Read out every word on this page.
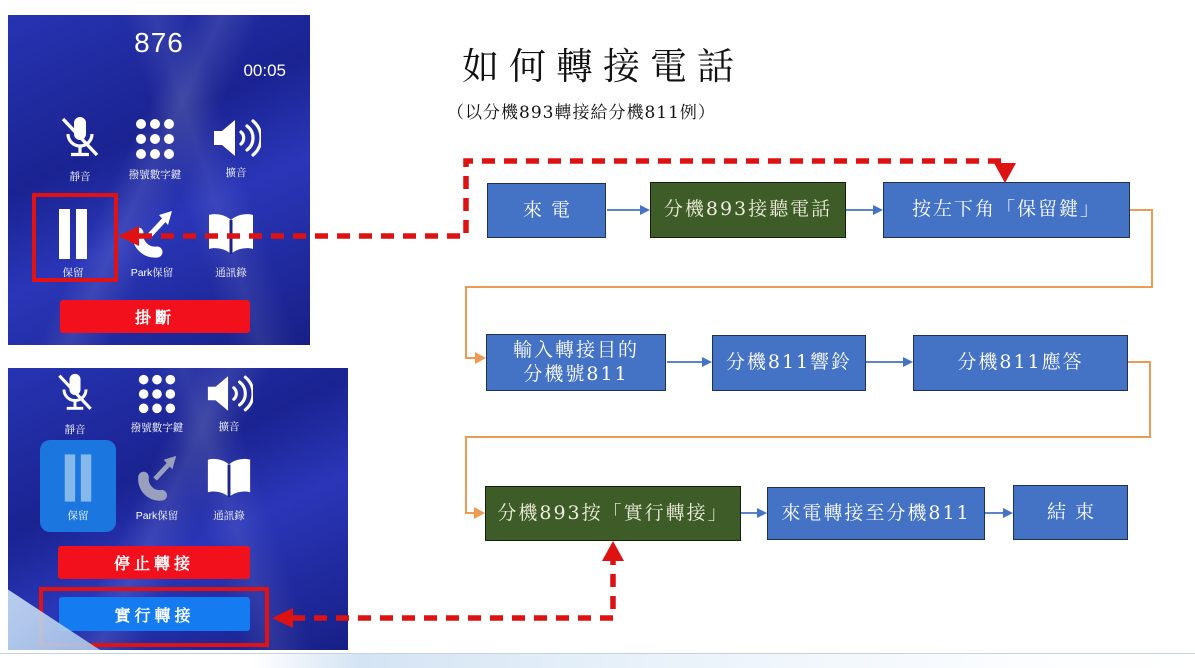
876
00:05
靜音	撥號數字鍵	擴音
保留	Park保留	通訊錄
掛斷
靜音	撥號數字鍵	擴音
保留	Park保留	通訊錄
停止轉接
實行轉接
如何轉接電話
（以分機893轉接給分機811例）
來電	分機893接聽電話	按左下角「保留鍵」
輸入轉接目的
分機號811
分機811響鈴	分機811應答
分機893按「實行轉接」	來電轉接至分機811	結束
